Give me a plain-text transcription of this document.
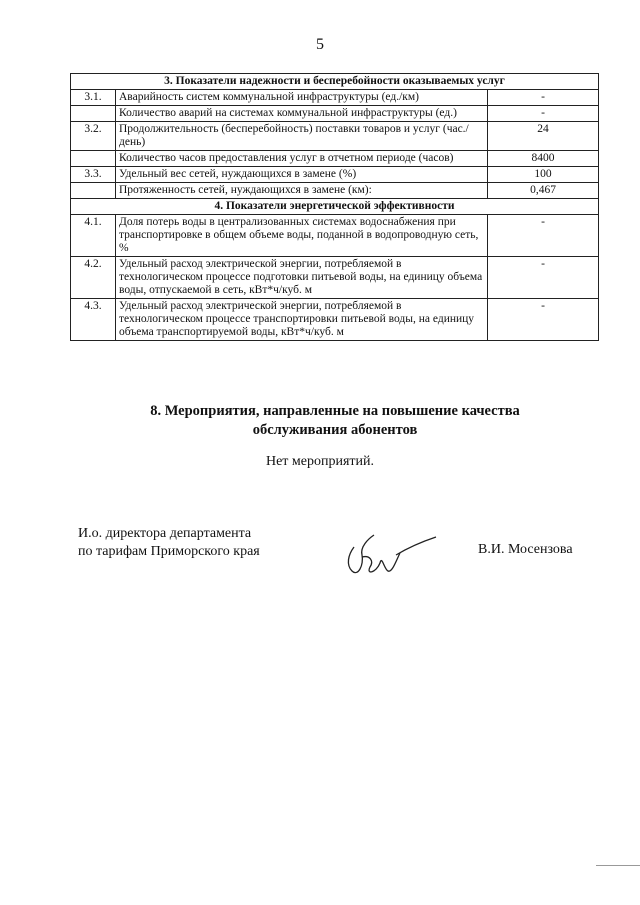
5
3. Показатели надежности и бесперебойности оказываемых услуг		
3.1.	Аварийность систем коммунальной инфраструктуры (ед./км)	-
	Количество аварий на системах коммунальной инфраструктуры (ед.)	-
3.2.	Продолжительность (бесперебойность) поставки товаров и услуг (час./день)	24
	Количество часов предоставления услуг в отчетном периоде (часов)	8400
3.3.	Удельный вес сетей, нуждающихся в замене (%)	100
	Протяженность сетей, нуждающихся в замене (км):	0,467
4. Показатели энергетической эффективности		
4.1.	Доля потерь воды в централизованных системах водоснабжения при транспортировке в общем объеме воды, поданной в водопроводную сеть, %	-
4.2.	Удельный расход электрической энергии, потребляемой в технологическом процессе подготовки питьевой воды, на единицу объема воды, отпускаемой в сеть, кВт*ч/куб. м	-
4.3.	Удельный расход электрической энергии, потребляемой в технологическом процессе транспортировки питьевой воды, на единицу объема транспортируемой воды, кВт*ч/куб. м	-
8. Мероприятия, направленные на повышение качества
обслуживания абонентов
Нет мероприятий.
И.о. директора департамента
по тарифам Приморского края	В.И. Мосензова
